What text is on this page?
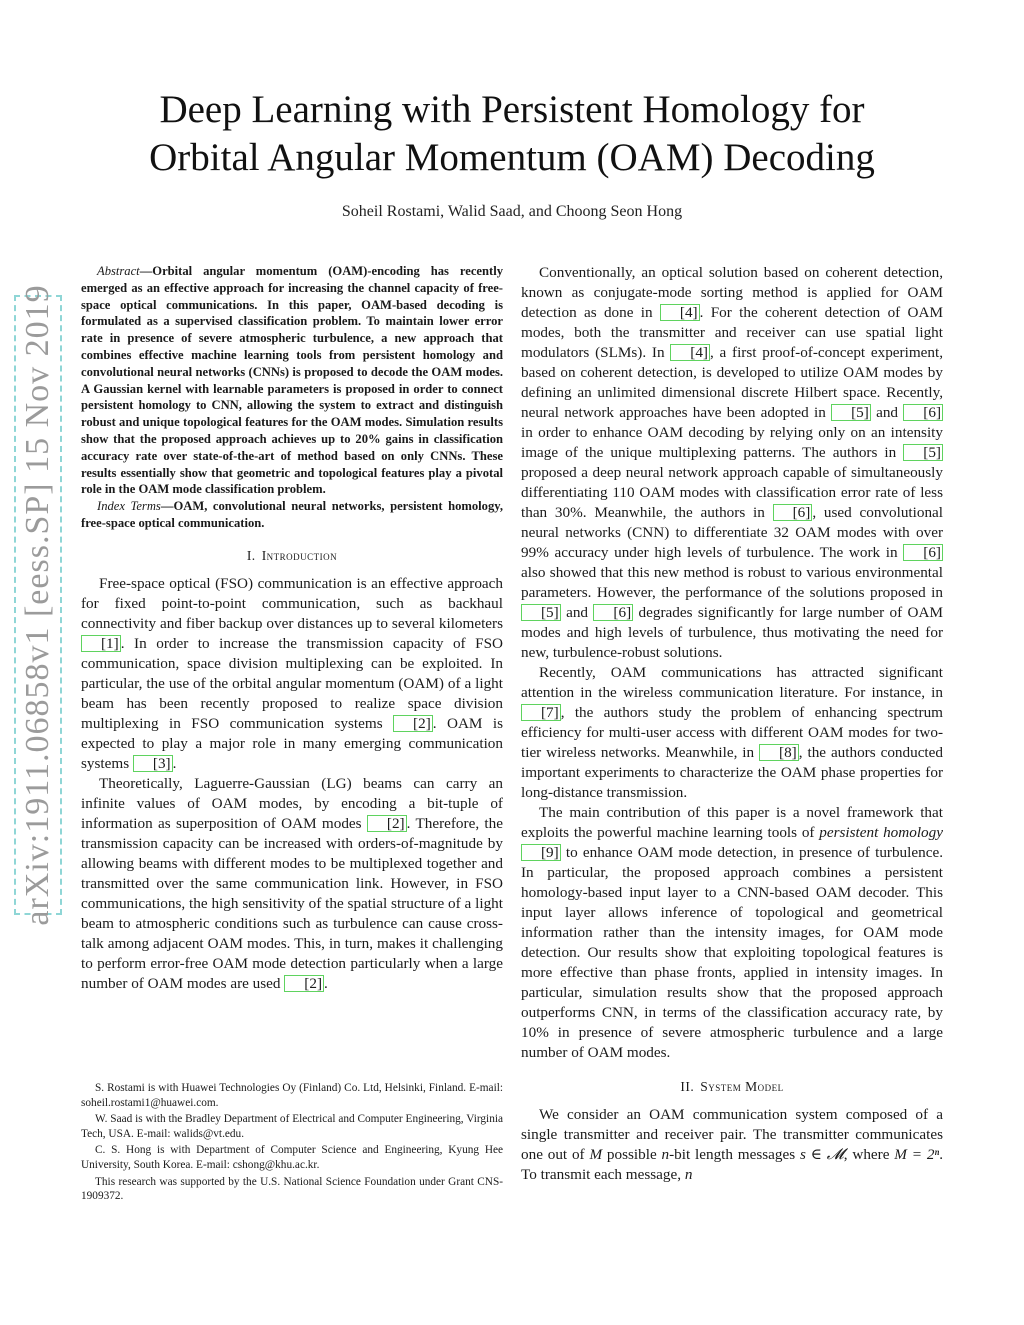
arXiv:1911.06858v1 [eess.SP] 15 Nov 2019
Deep Learning with Persistent Homology for
Orbital Angular Momentum (OAM) Decoding
Soheil Rostami, Walid Saad, and Choong Seon Hong

Abstract—Orbital angular momentum (OAM)-encoding has recently emerged as an effective approach for increasing the channel capacity of free-space optical communications. In this paper, OAM-based decoding is formulated as a supervised classification problem. To maintain lower error rate in presence of severe atmospheric turbulence, a new approach that combines effective machine learning tools from persistent homology and convolutional neural networks (CNNs) is proposed to decode the OAM modes. A Gaussian kernel with learnable parameters is proposed in order to connect persistent homology to CNN, allowing the system to extract and distinguish robust and unique topological features for the OAM modes. Simulation results show that the proposed approach achieves up to 20% gains in classification accuracy rate over state-of-the-art of method based on only CNNs. These results essentially show that geometric and topological features play a pivotal role in the OAM mode classification problem.

Index Terms—OAM, convolutional neural networks, persistent homology, free-space optical communication.

I. Introduction

Free-space optical (FSO) communication is an effective approach for fixed point-to-point communication, such as backhaul connectivity and fiber backup over distances up to several kilometers [1] . In order to increase the transmission capacity of FSO communication, space division multiplexing can be exploited. In particular, the use of the orbital angular momentum (OAM) of a light beam has been recently proposed to realize space division multiplexing in FSO communication systems [2] . OAM is expected to play a major role in many emerging communication systems [3] .

Theoretically, Laguerre-Gaussian (LG) beams can carry an infinite values of OAM modes, by encoding a bit-tuple of information as superposition of OAM modes [2] . Therefore, the transmission capacity can be increased with orders-of-magnitude by allowing beams with different modes to be multiplexed together and transmitted over the same communication link. However, in FSO communications, the high sensitivity of the spatial structure of a light beam to atmospheric conditions such as turbulence can cause cross-talk among adjacent OAM modes. This, in turn, makes it challenging to perform error-free OAM mode detection particularly when a large number of OAM modes are used [2] .

S. Rostami is with Huawei Technologies Oy (Finland) Co. Ltd, Helsinki, Finland. E-mail: soheil.rostami1@huawei.com.

W. Saad is with the Bradley Department of Electrical and Computer Engineering, Virginia Tech, USA. E-mail: walids@vt.edu.

C. S. Hong is with Department of Computer Science and Engineering, Kyung Hee University, South Korea. E-mail: cshong@khu.ac.kr.

This research was supported by the U.S. National Science Foundation under Grant CNS-1909372.

Conventionally, an optical solution based on coherent detection, known as conjugate-mode sorting method is applied for OAM detection as done in [4] . For the coherent detection of OAM modes, both the transmitter and receiver can use spatial light modulators (SLMs). In [4] , a first proof-of-concept experiment, based on coherent detection, is developed to utilize OAM modes by defining an unlimited dimensional discrete Hilbert space. Recently, neural network approaches have been adopted in [5] and [6] in order to enhance OAM decoding by relying only on an intensity image of the unique multiplexing patterns. The authors in [5] proposed a deep neural network approach capable of simultaneously differentiating 110 OAM modes with classification error rate of less than 30%. Meanwhile, the authors in [6] , used convolutional neural networks (CNN) to differentiate 32 OAM modes with over 99% accuracy under high levels of turbulence. The work in [6] also showed that this new method is robust to various environmental parameters. However, the performance of the solutions proposed in [5] and [6] degrades significantly for large number of OAM modes and high levels of turbulence, thus motivating the need for new, turbulence-robust solutions.

Recently, OAM communications has attracted significant attention in the wireless communication literature. For instance, in [7] , the authors study the problem of enhancing spectrum efficiency for multi-user access with different OAM modes for two-tier wireless networks. Meanwhile, in [8] , the authors conducted important experiments to characterize the OAM phase properties for long-distance transmission.

The main contribution of this paper is a novel framework that exploits the powerful machine learning tools of persistent homology [9] to enhance OAM mode detection, in presence of turbulence. In particular, the proposed approach combines a persistent homology-based input layer to a CNN-based OAM decoder. This input layer allows inference of topological and geometrical information rather than the intensity images, for OAM mode detection. Our results show that exploiting topological features is more effective than phase fronts, applied in intensity images. In particular, simulation results show that the proposed approach outperforms CNN, in terms of the classification accuracy rate, by 10% in presence of severe atmospheric turbulence and a large number of OAM modes.

II. System Model

We consider an OAM communication system composed of a single transmitter and receiver pair. The transmitter communicates one out of M possible n-bit length messages s ∈ 𝓜, where M = 2ⁿ. To transmit each message, n
